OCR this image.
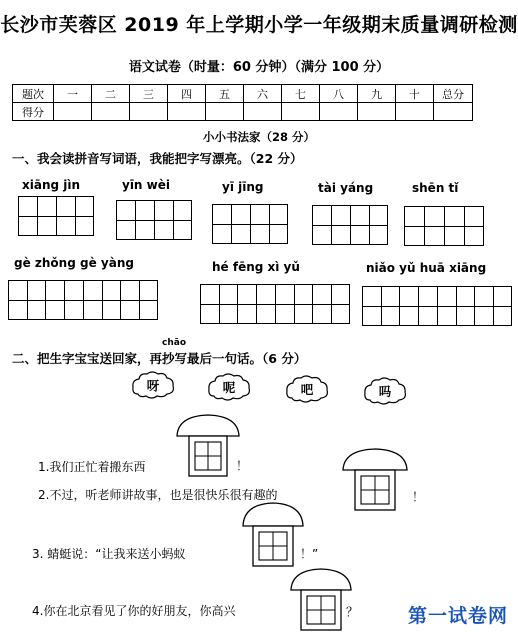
长沙市芙蓉区 2019 年上学期小学一年级期末质量调研检测
语文试卷（时量：60 分钟）（满分 100 分）
题次	一	二	三	四	五	六	七	八	九	十	总分
得分											
小小书法家（28 分）
一、我会读拼音写词语，我能把字写漂亮。（22 分）
xiāng jìn	yīn wèi	yī jīng	tài yáng	shēn tǐ
gè zhǒng gè yàng	hé fēng xì yǔ	niǎo yǔ huā xiāng
二、把生字宝宝送回家，再
chāo
抄写最后一句话。（6 分）
呀	呢	吧	吗
1.我们正忙着搬东西	！
2.不过，听老师讲故事，也是很快乐很有趣的	！
3. 蜻蜓说：“让我来送小蚂蚁	！”
4.你在北京看见了你的好朋友，你高兴	？	第一试卷网
